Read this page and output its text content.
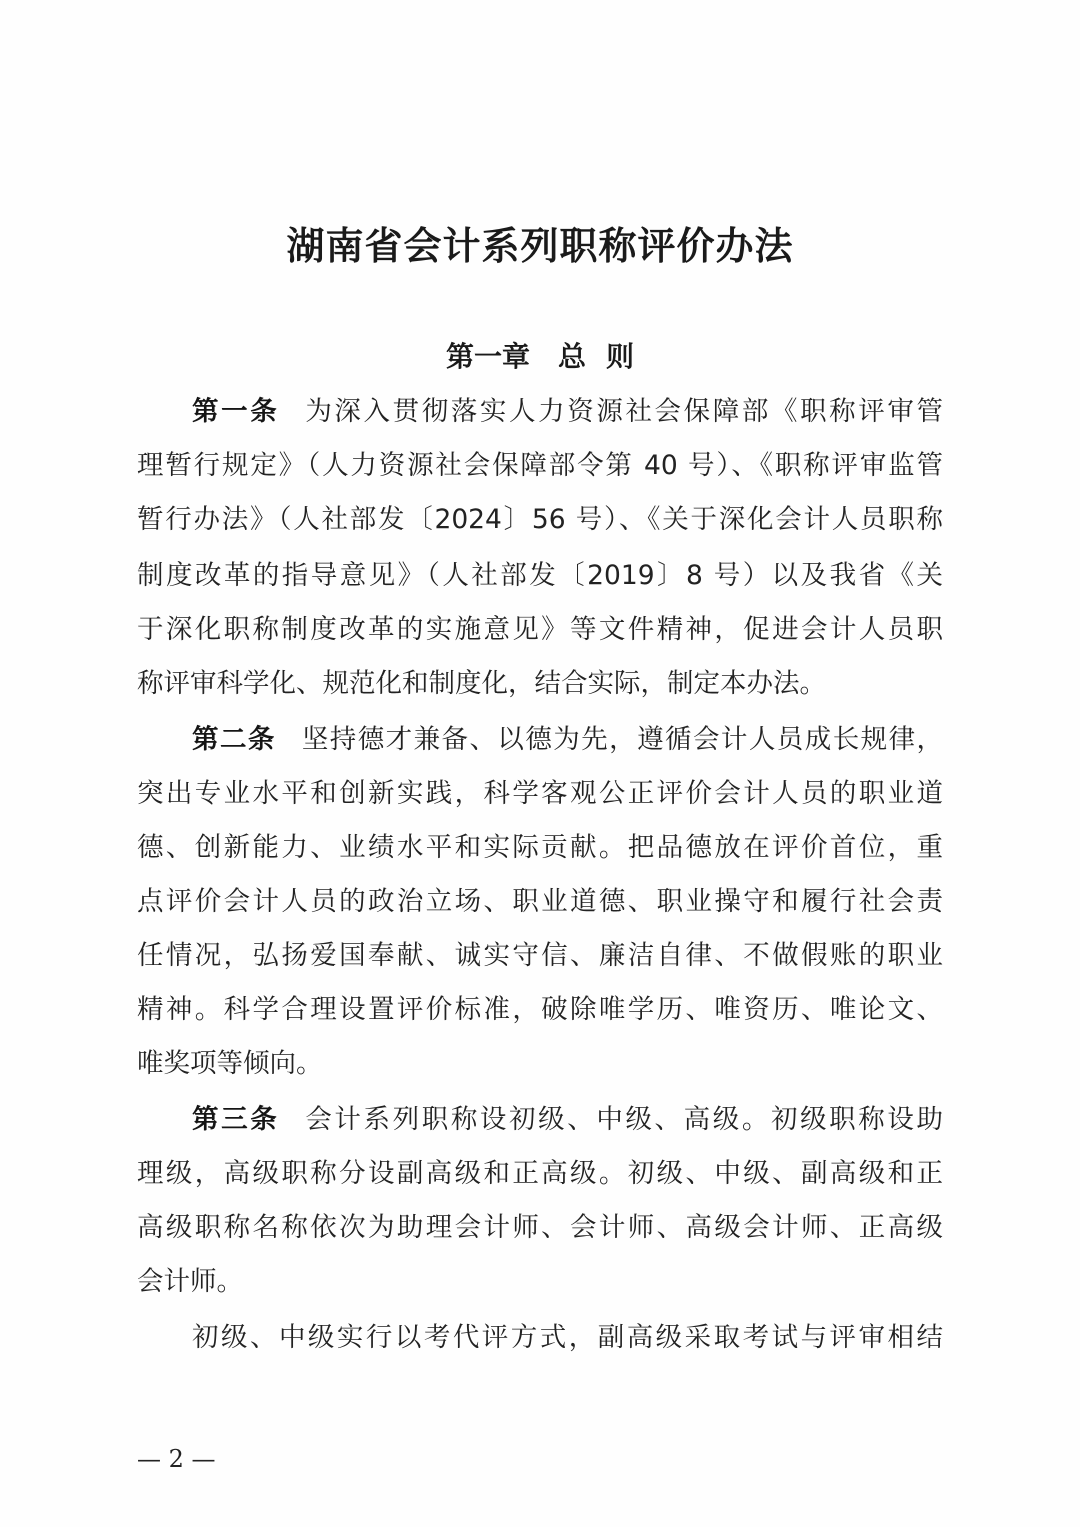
湖南省会计系列职称评价办法
第一章 总 则
第一条 为深入贯彻落实人力资源社会保障部《职称评审管
理暂行规定》（人力资源社会保障部令第 40 号）、《职称评审监管
暂行办法》（人社部发〔2024〕56 号）、《关于深化会计人员职称
制度改革的指导意见》（人社部发〔2019〕8 号）以及我省《关
于深化职称制度改革的实施意见》等文件精神，促进会计人员职
称评审科学化、规范化和制度化，结合实际，制定本办法。
第二条 坚持德才兼备、以德为先，遵循会计人员成长规律，
突出专业水平和创新实践，科学客观公正评价会计人员的职业道
德、创新能力、业绩水平和实际贡献。把品德放在评价首位，重
点评价会计人员的政治立场、职业道德、职业操守和履行社会责
任情况，弘扬爱国奉献、诚实守信、廉洁自律、不做假账的职业
精神。科学合理设置评价标准，破除唯学历、唯资历、唯论文、
唯奖项等倾向。
第三条 会计系列职称设初级、中级、高级。初级职称设助
理级，高级职称分设副高级和正高级。初级、中级、副高级和正
高级职称名称依次为助理会计师、会计师、高级会计师、正高级
会计师。
初级、中级实行以考代评方式，副高级采取考试与评审相结
— 2 —
